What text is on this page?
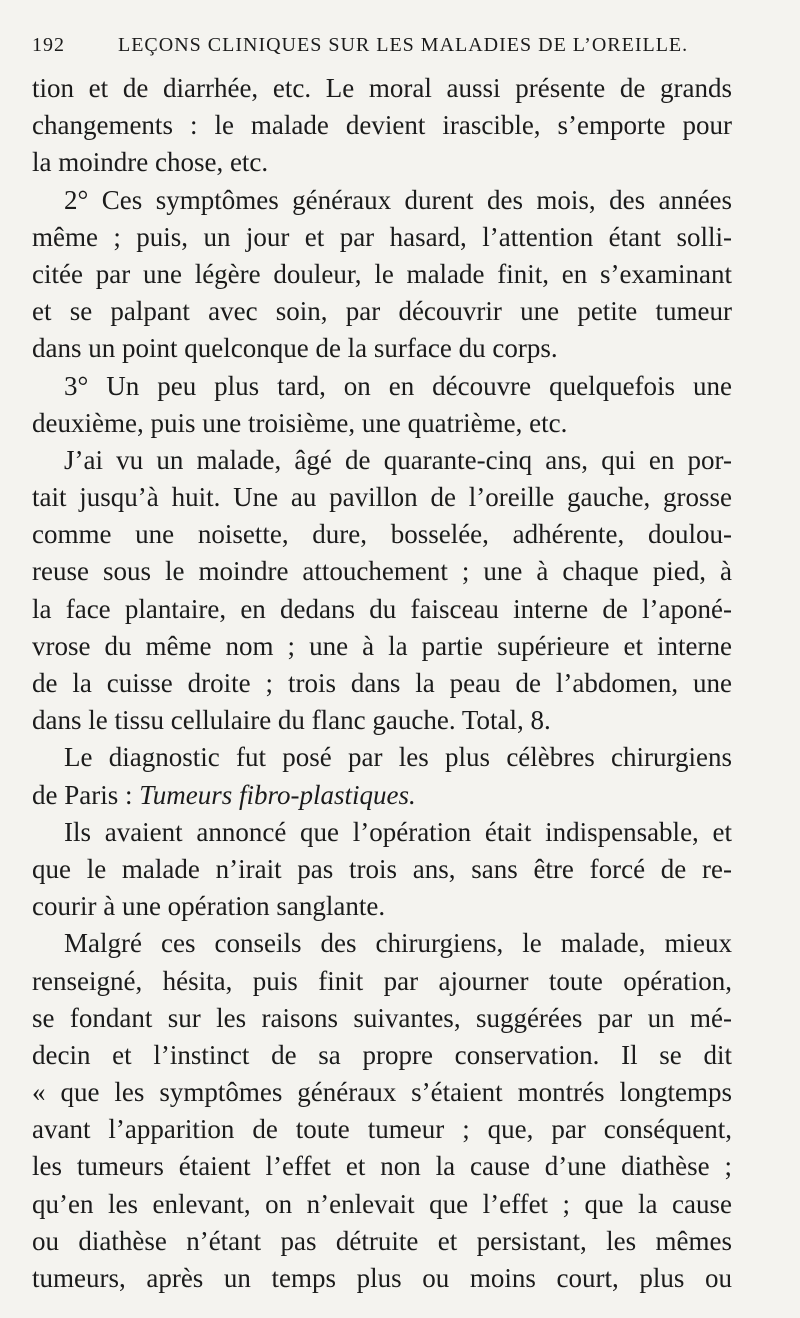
192	LEÇONS CLINIQUES SUR LES MALADIES DE L’OREILLE.
tion et de diarrhée, etc. Le moral aussi présente de grands
changements : le malade devient irascible, s’emporte pour
la moindre chose, etc.
2° Ces symptômes généraux durent des mois, des années
même ; puis, un jour et par hasard, l’attention étant solli-
citée par une légère douleur, le malade finit, en s’examinant
et se palpant avec soin, par découvrir une petite tumeur
dans un point quelconque de la surface du corps.
3° Un peu plus tard, on en découvre quelquefois une
deuxième, puis une troisième, une quatrième, etc.
J’ai vu un malade, âgé de quarante-cinq ans, qui en por-
tait jusqu’à huit. Une au pavillon de l’oreille gauche, grosse
comme une noisette, dure, bosselée, adhérente, doulou-
reuse sous le moindre attouchement ; une à chaque pied, à
la face plantaire, en dedans du faisceau interne de l’aponé-
vrose du même nom ; une à la partie supérieure et interne
de la cuisse droite ; trois dans la peau de l’abdomen, une
dans le tissu cellulaire du flanc gauche. Total, 8.
Le diagnostic fut posé par les plus célèbres chirurgiens
de Paris : Tumeurs fibro-plastiques.
Ils avaient annoncé que l’opération était indispensable, et
que le malade n’irait pas trois ans, sans être forcé de re-
courir à une opération sanglante.
Malgré ces conseils des chirurgiens, le malade, mieux
renseigné, hésita, puis finit par ajourner toute opération,
se fondant sur les raisons suivantes, suggérées par un mé-
decin et l’instinct de sa propre conservation. Il se dit
« que les symptômes généraux s’étaient montrés longtemps
avant l’apparition de toute tumeur ; que, par conséquent,
les tumeurs étaient l’effet et non la cause d’une diathèse ;
qu’en les enlevant, on n’enlevait que l’effet ; que la cause
ou diathèse n’étant pas détruite et persistant, les mêmes
tumeurs, après un temps plus ou moins court, plus ou
